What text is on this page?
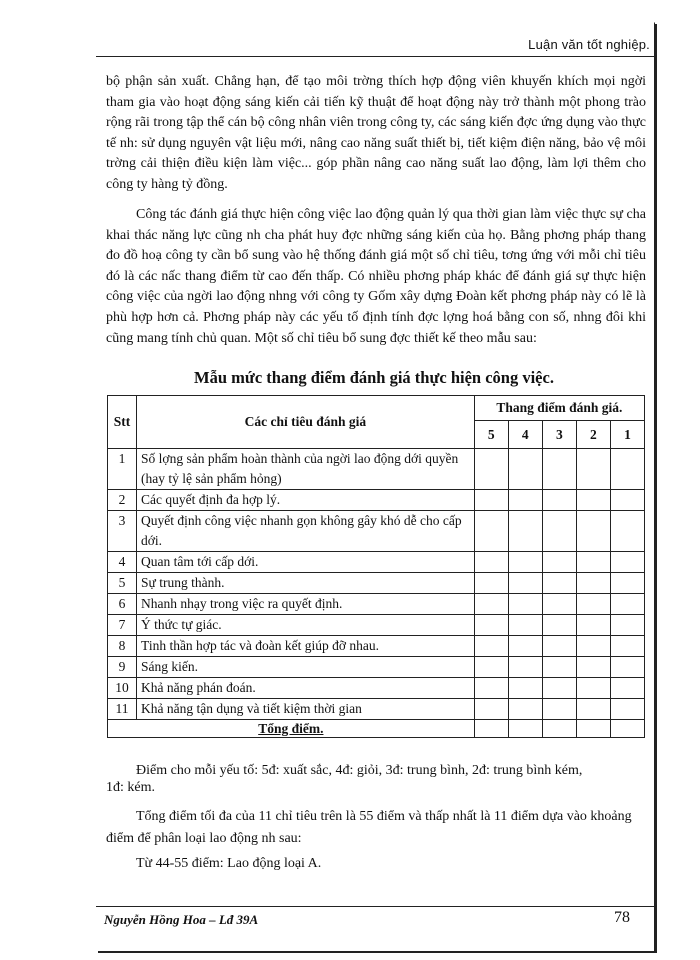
Luận văn tốt nghiệp.

bộ phận sản xuất. Chẳng hạn, để tạo môi trờng thích hợp động viên khuyến khích mọi ngời tham gia vào hoạt động sáng kiến cải tiến kỹ thuật để hoạt động này trở thành một phong trào rộng rãi trong tập thể cán bộ công nhân viên trong công ty, các sáng kiến đợc ứng dụng vào thực tế nh: sử dụng nguyên vật liệu mới, nâng cao năng suất thiết bị, tiết kiệm điện năng, bảo vệ môi trờng cải thiện điều kiện làm việc... góp phần nâng cao năng suất lao động, làm lợi thêm cho công ty hàng tỷ đồng.

Công tác đánh giá thực hiện công việc lao động quản lý qua thời gian làm việc thực sự cha khai thác năng lực cũng nh cha phát huy đợc những sáng kiến của họ. Bằng phơng pháp thang đo đồ hoạ công ty cần bổ sung vào hệ thống đánh giá một số chỉ tiêu, tơng ứng với mỗi chỉ tiêu đó là các nấc thang điểm từ cao đến thấp. Có nhiều phơng pháp khác để đánh giá sự thực hiện công việc của ngời lao động nhng với công ty Gốm xây dựng Đoàn kết phơng pháp này có lẽ là phù hợp hơn cả. Phơng pháp này các yếu tố định tính đợc lợng hoá bằng con số, nhng đôi khi cũng mang tính chủ quan. Một số chỉ tiêu bổ sung đợc thiết kế theo mẫu sau:

Mẫu mức thang điểm đánh giá thực hiện công việc.
Stt	Các chỉ tiêu đánh giá	Thang điểm đánh giá.				
		5	4	3	2	1
1	Số lợng sản phẩm hoàn thành của ngời lao động dới quyền (hay tỷ lệ sản phẩm hỏng)					
2	Các quyết định đa hợp lý.					
3	Quyết định công việc nhanh gọn không gây khó dễ cho cấp dới.					
4	Quan tâm tới cấp dới.					
5	Sự trung thành.					
6	Nhanh nhạy trong việc ra quyết định.					
7	Ý thức tự giác.					
8	Tinh thần hợp tác và đoàn kết giúp đỡ nhau.					
9	Sáng kiến.					
10	Khả năng phán đoán.					
11	Khả năng tận dụng và tiết kiệm thời gian					
Tổng điểm.						

Điểm cho mỗi yếu tố: 5đ: xuất sắc, 4đ: giỏi, 3đ: trung bình, 2đ: trung bình kém,

1đ: kém.

Tổng điểm tối đa của 11 chỉ tiêu trên là 55 điểm và thấp nhất là 11 điểm dựa vào khoảng điểm để phân loại lao động nh sau:

Từ 44-55 điểm: Lao động loại A.

Nguyễn Hồng Hoa – Lđ 39A	78
